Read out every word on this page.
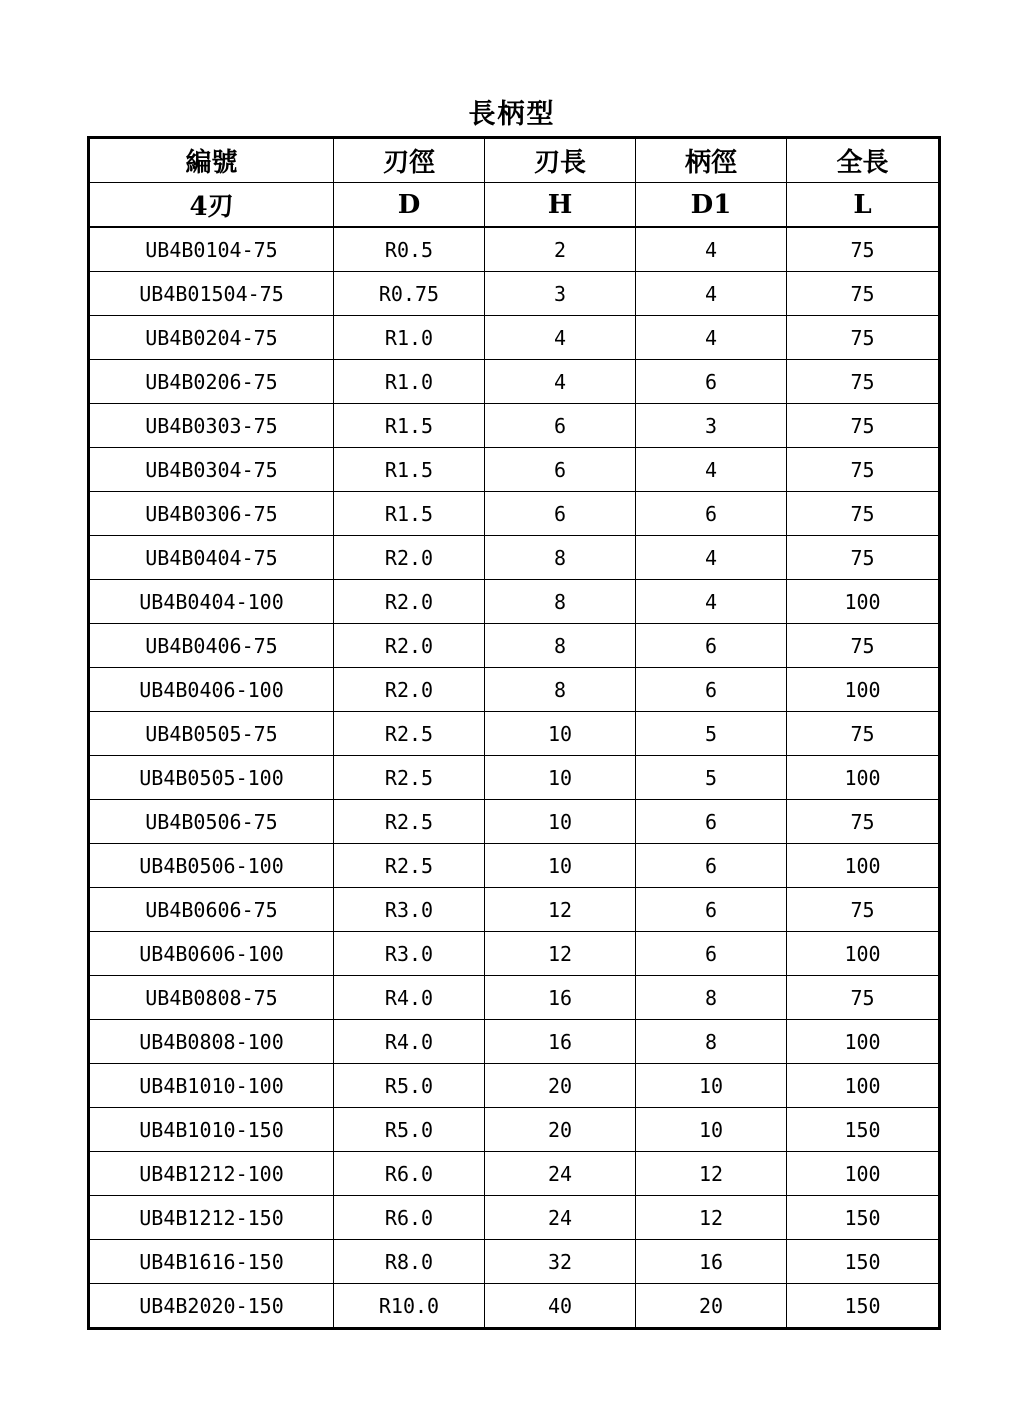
長柄型
編號	刃徑	刃長	柄徑	全長
4刃	D	H	D1	L
UB4B0104-75	R0.5	2	4	75
UB4B01504-75	R0.75	3	4	75
UB4B0204-75	R1.0	4	4	75
UB4B0206-75	R1.0	4	6	75
UB4B0303-75	R1.5	6	3	75
UB4B0304-75	R1.5	6	4	75
UB4B0306-75	R1.5	6	6	75
UB4B0404-75	R2.0	8	4	75
UB4B0404-100	R2.0	8	4	100
UB4B0406-75	R2.0	8	6	75
UB4B0406-100	R2.0	8	6	100
UB4B0505-75	R2.5	10	5	75
UB4B0505-100	R2.5	10	5	100
UB4B0506-75	R2.5	10	6	75
UB4B0506-100	R2.5	10	6	100
UB4B0606-75	R3.0	12	6	75
UB4B0606-100	R3.0	12	6	100
UB4B0808-75	R4.0	16	8	75
UB4B0808-100	R4.0	16	8	100
UB4B1010-100	R5.0	20	10	100
UB4B1010-150	R5.0	20	10	150
UB4B1212-100	R6.0	24	12	100
UB4B1212-150	R6.0	24	12	150
UB4B1616-150	R8.0	32	16	150
UB4B2020-150	R10.0	40	20	150
